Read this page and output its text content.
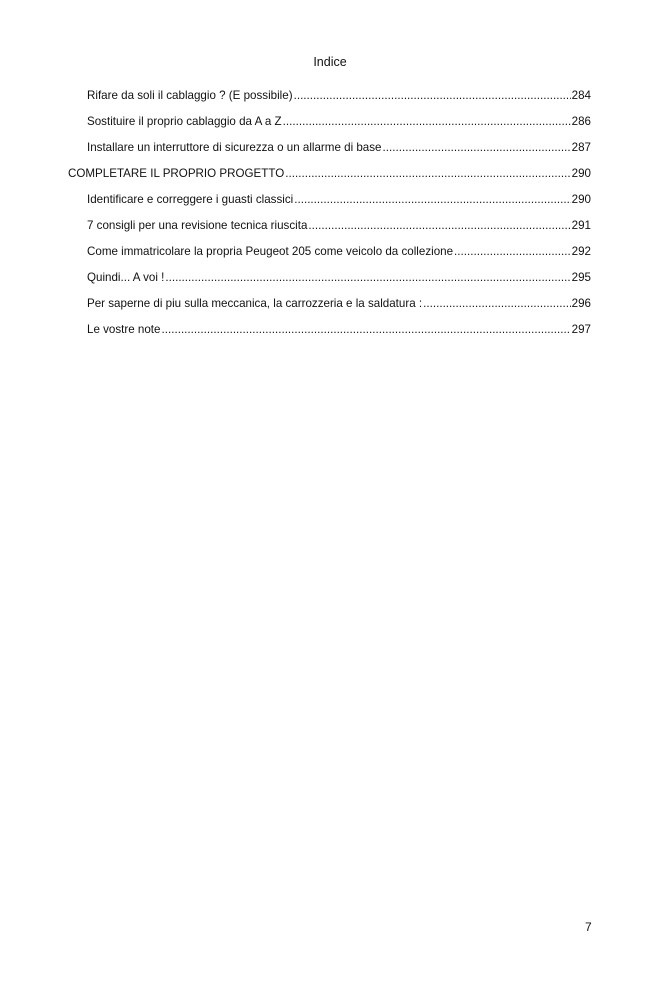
Indice
Rifare da soli il cablaggio ? (E possibile) . . .	284
Sostituire il proprio cablaggio da A a Z . . .	286
Installare un interruttore di sicurezza o un allarme di base . . .	287
COMPLETARE IL PROPRIO PROGETTO . . .	290
Identificare e correggere i guasti classici . . .	290
7 consigli per una revisione tecnica riuscita . . .	291
Come immatricolare la propria Peugeot 205 come veicolo da collezione . . .	292
Quindi... A voi ! . . .	295
Per saperne di piu sulla meccanica, la carrozzeria e la saldatura : . . .	296
Le vostre note . . .	297
7
